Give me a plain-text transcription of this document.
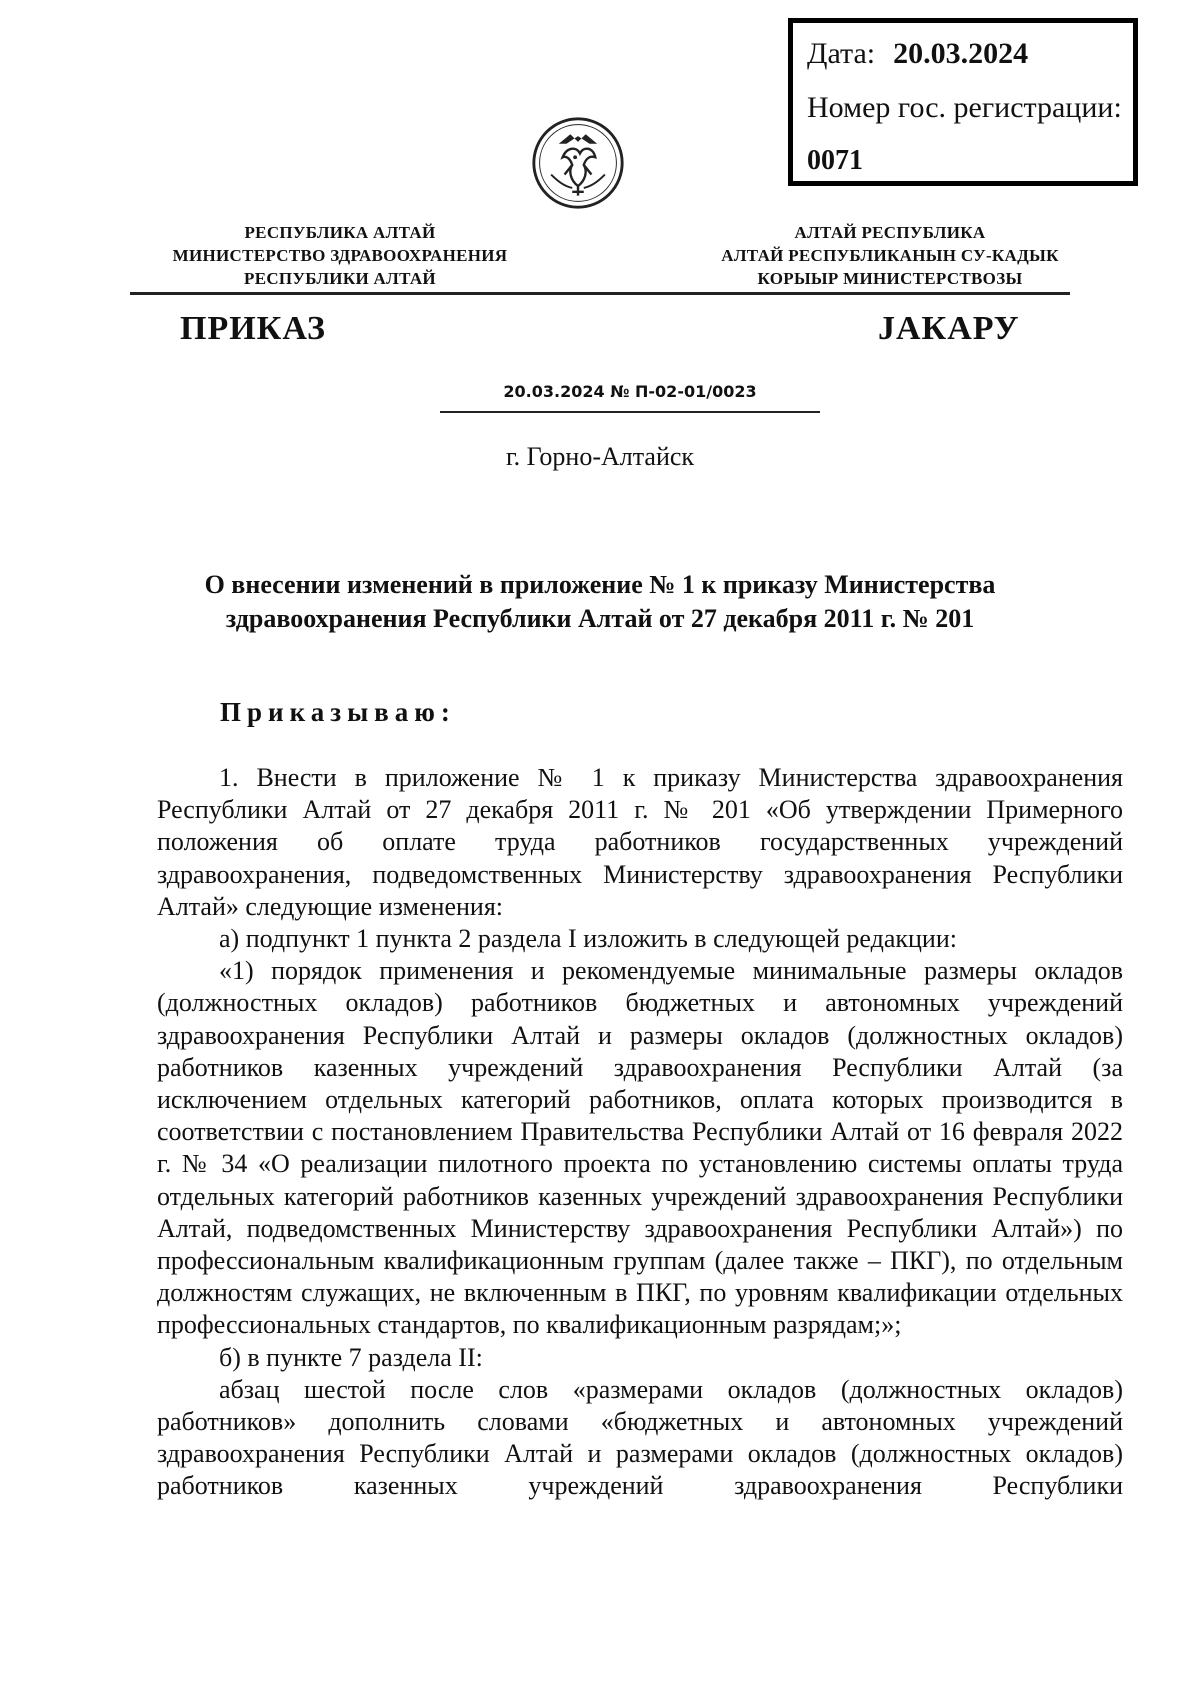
Дата: 20.03.2024
Номер гос. регистрации:
0071
РЕСПУБЛИКА АЛТАЙ
МИНИСТЕРСТВО ЗДРАВООХРАНЕНИЯ
РЕСПУБЛИКИ АЛТАЙ
АЛТАЙ РЕСПУБЛИКА
АЛТАЙ РЕСПУБЛИКАНЫН СУ-КАДЫК
КОРЫЫР МИНИСТЕРСТВОЗЫ
ПРИКАЗ	JАКАРУ
20.03.2024 № П-02-01/0023
г. Горно-Алтайск
О внесении изменений в приложение № 1 к приказу Министерства здравоохранения Республики Алтай от 27 декабря 2011 г. № 201
Приказываю:

1. Внести в приложение № 1 к приказу Министерства здравоохранения Республики Алтай от 27 декабря 2011 г. № 201 «Об утверждении Примерного положения об оплате труда работников государственных учреждений здравоохранения, подведомственных Министерству здравоохранения Республики Алтай» следующие изменения:

а) подпункт 1 пункта 2 раздела I изложить в следующей редакции:

«1) порядок применения и рекомендуемые минимальные размеры окладов (должностных окладов) работников бюджетных и автономных учреждений здравоохранения Республики Алтай и размеры окладов (должностных окладов) работников казенных учреждений здравоохранения Республики Алтай (за исключением отдельных категорий работников, оплата которых производится в соответствии с постановлением Правительства Республики Алтай от 16 февраля 2022 г. № 34 «О реализации пилотного проекта по установлению системы оплаты труда отдельных категорий работников казенных учреждений здравоохранения Республики Алтай, подведомственных Министерству здравоохранения Республики Алтай») по профессиональным квалификационным группам (далее также – ПКГ), по отдельным должностям служащих, не включенным в ПКГ, по уровням квалификации отдельных профессиональных стандартов, по квалификационным разрядам;»;

б) в пункте 7 раздела II:

абзац шестой после слов «размерами окладов (должностных окладов) работников» дополнить словами «бюджетных и автономных учреждений здравоохранения Республики Алтай и размерами окладов (должностных окладов) работников казенных учреждений здравоохранения Республики
